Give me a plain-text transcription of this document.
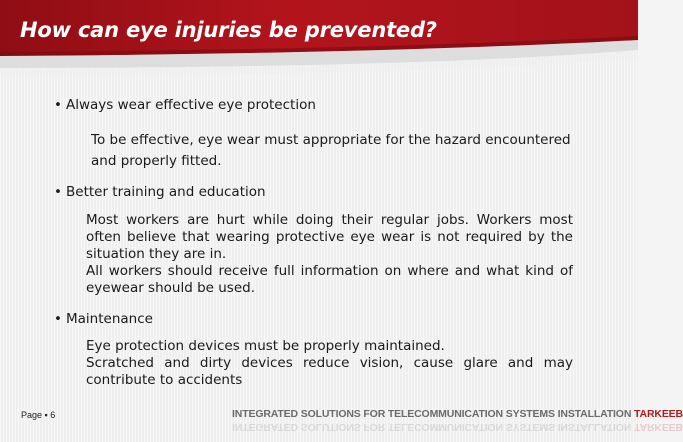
How can eye injuries be prevented?
• Always wear effective eye protection
To be effective, eye wear must appropriate for the hazard encountered
and properly fitted.
• Better training and education
Most workers are hurt while doing their regular jobs. Workers most often believe that wearing protective eye wear is not required by the situation they are in.
All workers should receive full information on where and what kind of eyewear should be used.
• Maintenance
Eye protection devices must be properly maintained.
Scratched and dirty devices reduce vision, cause glare and may contribute to accidents
Page ▪ 6	INTEGRATED SOLUTIONS FOR TELECOMMUNICATION SYSTEMS INSTALLATION TARKEEB
INTEGRATED SOLUTIONS FOR TELECOMMUNICATION SYSTEMS INSTALLATION TARKEEB
